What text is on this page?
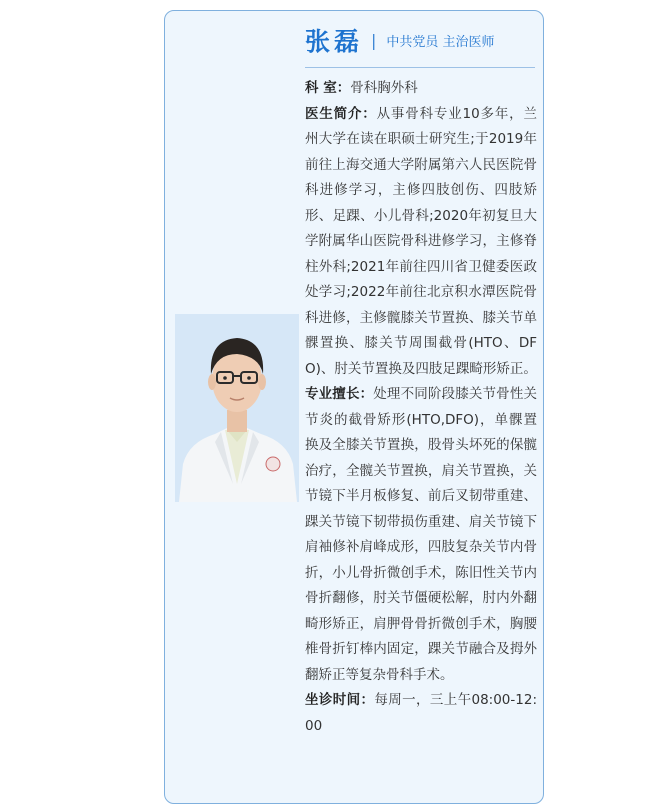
张磊 | 中共党员 主治医师

科 室：骨科胸外科

医生简介：从事骨科专业10多年，兰州大学在读在职硕士研究生;于2019年前往上海交通大学附属第六人民医院骨科进修学习，主修四肢创伤、四肢矫形、足踝、小儿骨科;2020年初复旦大学附属华山医院骨科进修学习，主修脊柱外科;2021年前往四川省卫健委医政处学习;2022年前往北京积水潭医院骨科进修，主修髋膝关节置换、膝关节单髁置换、膝关节周围截骨(HTO、DFO)、肘关节置换及四肢足踝畸形矫正。

专业擅长：处理不同阶段膝关节骨性关节炎的截骨矫形(HTO,DFO)，单髁置换及全膝关节置换，股骨头坏死的保髋治疗，全髋关节置换，肩关节置换，关节镜下半月板修复、前后叉韧带重建、踝关节镜下韧带损伤重建、肩关节镜下肩袖修补肩峰成形，四肢复杂关节内骨折，小儿骨折微创手术，陈旧性关节内骨折翻修，肘关节僵硬松解，肘内外翻畸形矫正，肩胛骨骨折微创手术，胸腰椎骨折钉棒内固定，踝关节融合及拇外翻矫正等复杂骨科手术。

坐诊时间：每周一，三上午08:00-12:00
